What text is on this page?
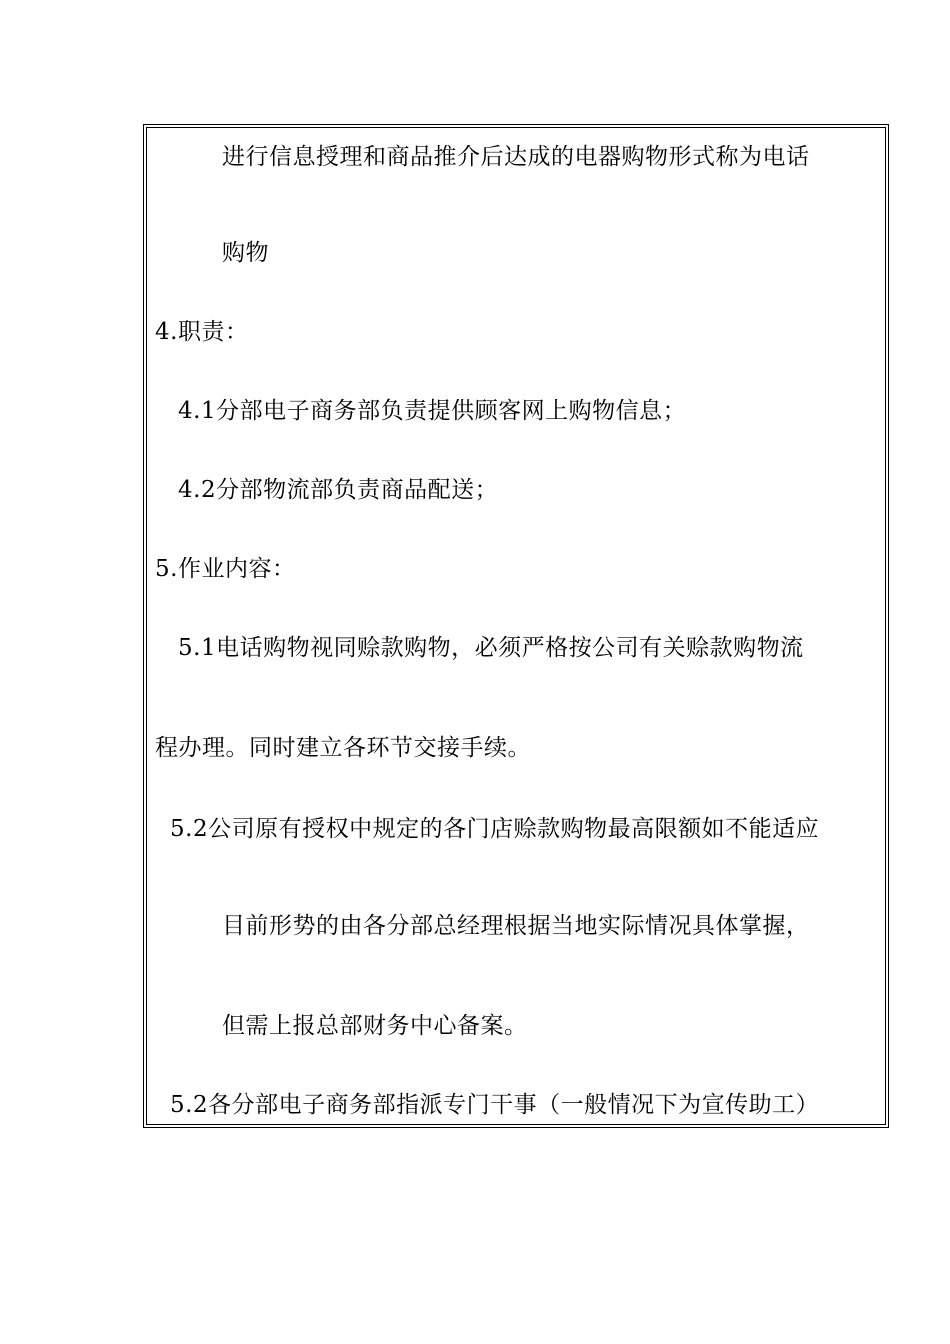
进行信息授理和商品推介后达成的电器购物形式称为电话
购物
4.职责：
4.1分部电子商务部负责提供顾客网上购物信息；
4.2分部物流部负责商品配送；
5.作业内容：
5.1电话购物视同赊款购物，必须严格按公司有关赊款购物流
程办理。同时建立各环节交接手续。
5.2公司原有授权中规定的各门店赊款购物最高限额如不能适应
目前形势的由各分部总经理根据当地实际情况具体掌握，
但需上报总部财务中心备案。
5.2各分部电子商务部指派专门干事（一般情况下为宣传助工）
